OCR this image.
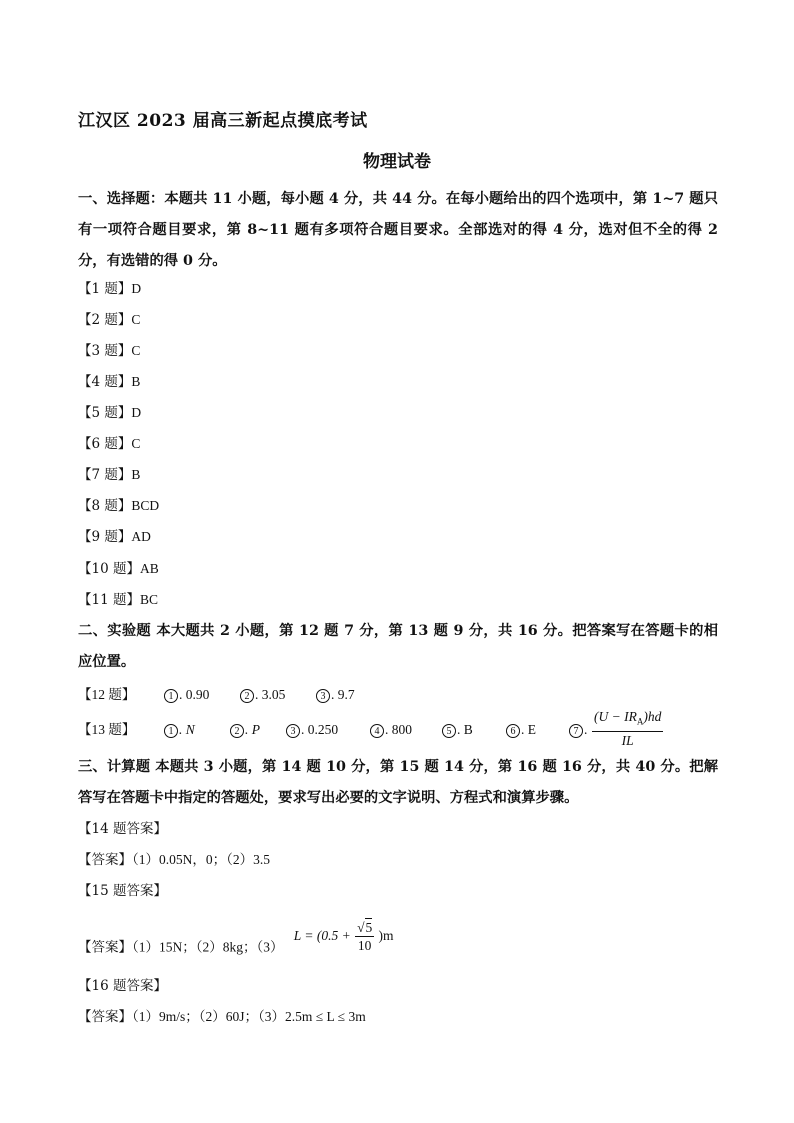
江汉区 2023 届高三新起点摸底考试
物理试卷
一、选择题：本题共 11 小题，每小题 4 分，共 44 分。在每小题给出的四个选项中，第 1~7 题只有一项符合题目要求，第 8~11 题有多项符合题目要求。全部选对的得 4 分，选对但不全的得 2 分，有选错的得 0 分。
【1 题】D
【2 题】C
【3 题】C
【4 题】B
【5 题】D
【6 题】C
【7 题】B
【8 题】BCD
【9 题】AD
【10 题】AB
【11 题】BC
二、实验题 本大题共 2 小题，第 12 题 7 分，第 13 题 9 分，共 16 分。把答案写在答题卡的相应位置。
【12 题】	1 . 0.90	2 . 3.05	3 . 9.7
【13 题】	1 . N	2 . P	3 . 0.250	4 . 800	5 . B	6 . E	7 . $\frac{(U - IR_A)hd}{IL}$
三、计算题 本题共 3 小题，第 14 题 10 分，第 15 题 14 分，第 16 题 16 分，共 40 分。把解答写在答题卡中指定的答题处，要求写出必要的文字说明、方程式和演算步骤。
【14 题答案】
【答案】（1）0.05N，0；（2）3.5
【15 题答案】
【答案】（1）15N；（2）8kg；（3） $L = (0.5 + \frac{√5}{10} )m$
【16 题答案】
【答案】（1）9m/s；（2）60J；（3）2.5m ≤ L ≤ 3m
